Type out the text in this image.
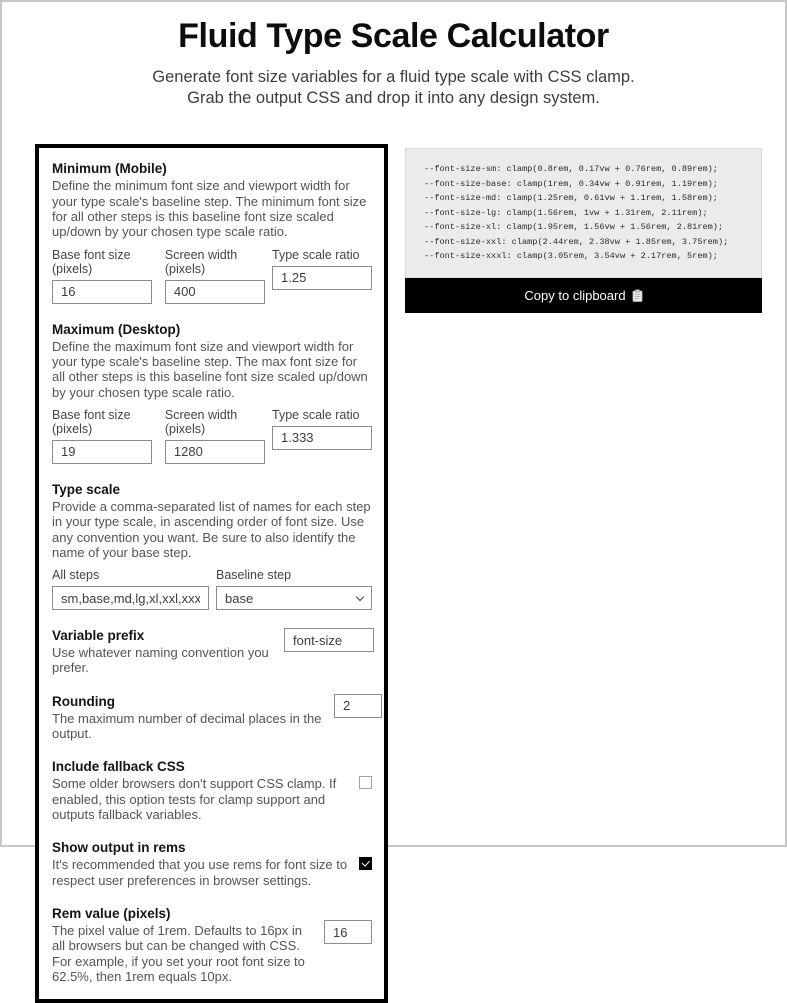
Fluid Type Scale Calculator

Generate font size variables for a fluid type scale with CSS clamp.
Grab the output CSS and drop it into any design system.

Minimum (Mobile)

Define the minimum font size and viewport width for your type scale's baseline step. The minimum font size for all other steps is this baseline font size scaled up/down by your chosen type scale ratio.

Base font size (pixels)
16
Screen width (pixels)
400
Type scale ratio
1.25
Maximum (Desktop)

Define the maximum font size and viewport width for your type scale's baseline step. The max font size for all other steps is this baseline font size scaled up/down by your chosen type scale ratio.

Base font size (pixels)
19
Screen width (pixels)
1280
Type scale ratio
1.333
Type scale

Provide a comma-separated list of names for each step in your type scale, in ascending order of font size. Use any convention you want. Be sure to also identify the name of your base step.

All steps
sm,base,md,lg,xl,xxl,xxxl	Baseline step
base
Variable prefix

Use whatever naming convention you prefer.

font-size
Rounding

The maximum number of decimal places in the output.

2
Include fallback CSS

Some older browsers don't support CSS clamp. If enabled, this option tests for clamp support and outputs fallback variables.

Show output in rems

It's recommended that you use rems for font size to respect user preferences in browser settings.

Rem value (pixels)

The pixel value of 1rem. Defaults to 16px in all browsers but can be changed with CSS. For example, if you set your root font size to 62.5%, then 1rem equals 10px.

16
--font-size-sm: clamp(0.8rem, 0.17vw + 0.76rem, 0.89rem);
--font-size-base: clamp(1rem, 0.34vw + 0.91rem, 1.19rem);
--font-size-md: clamp(1.25rem, 0.61vw + 1.1rem, 1.58rem);
--font-size-lg: clamp(1.56rem, 1vw + 1.31rem, 2.11rem);
--font-size-xl: clamp(1.95rem, 1.56vw + 1.56rem, 2.81rem);
--font-size-xxl: clamp(2.44rem, 2.38vw + 1.85rem, 3.75rem);
--font-size-xxxl: clamp(3.05rem, 3.54vw + 2.17rem, 5rem);
Copy to clipboard
